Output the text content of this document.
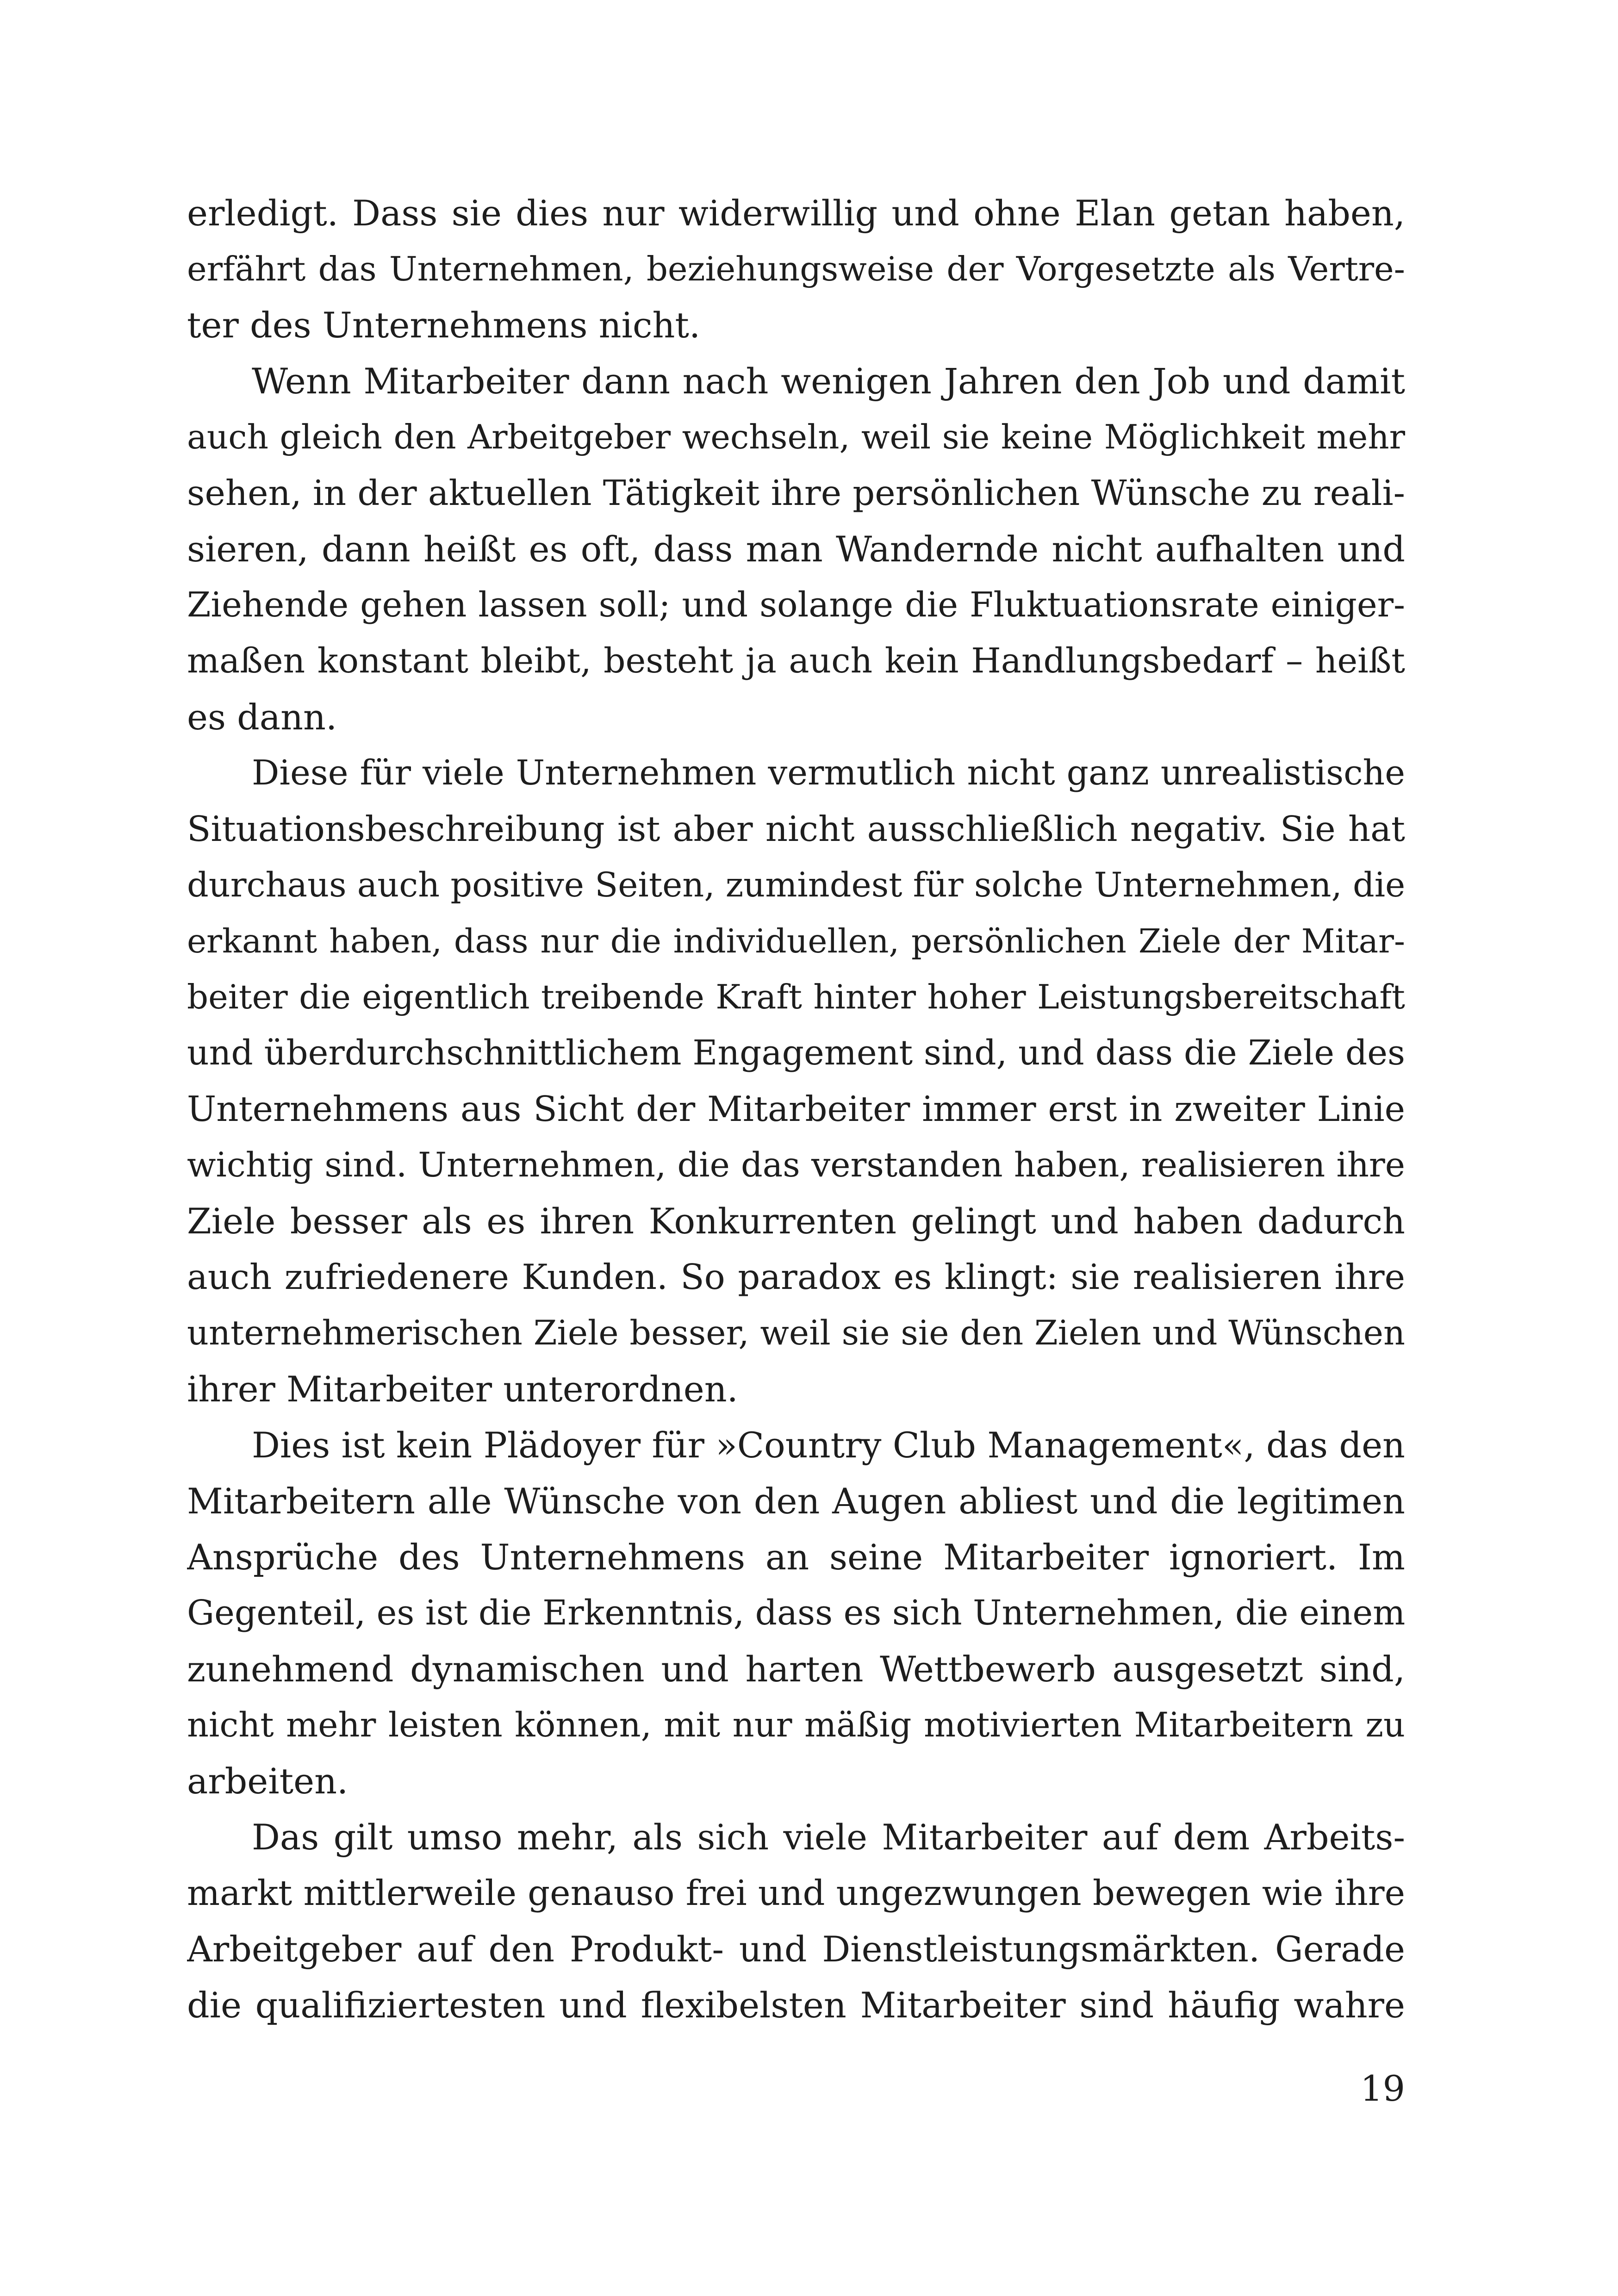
erledigt. Dass sie dies nur widerwillig und ohne Elan getan haben,
erfährt das Unternehmen, beziehungsweise der Vorgesetzte als Vertre-
ter des Unternehmens nicht.
Wenn Mitarbeiter dann nach wenigen Jahren den Job und damit
auch gleich den Arbeitgeber wechseln, weil sie keine Möglichkeit mehr
sehen, in der aktuellen Tätigkeit ihre persönlichen Wünsche zu reali-
sieren, dann heißt es oft, dass man Wandernde nicht aufhalten und
Ziehende gehen lassen soll; und solange die Fluktuationsrate einiger-
maßen konstant bleibt, besteht ja auch kein Handlungsbedarf – heißt
es dann.
Diese für viele Unternehmen vermutlich nicht ganz unrealistische
Situationsbeschreibung ist aber nicht ausschließlich negativ. Sie hat
durchaus auch positive Seiten, zumindest für solche Unternehmen, die
erkannt haben, dass nur die individuellen, persönlichen Ziele der Mitar-
beiter die eigentlich treibende Kraft hinter hoher Leistungsbereitschaft
und überdurchschnittlichem Engagement sind, und dass die Ziele des
Unternehmens aus Sicht der Mitarbeiter immer erst in zweiter Linie
wichtig sind. Unternehmen, die das verstanden haben, realisieren ihre
Ziele besser als es ihren Konkurrenten gelingt und haben dadurch
auch zufriedenere Kunden. So paradox es klingt: sie realisieren ihre
unternehmerischen Ziele besser, weil sie sie den Zielen und Wünschen
ihrer Mitarbeiter unterordnen.
Dies ist kein Plädoyer für »Country Club Management«, das den
Mitarbeitern alle Wünsche von den Augen abliest und die legitimen
Ansprüche des Unternehmens an seine Mitarbeiter ignoriert. Im
Gegenteil, es ist die Erkenntnis, dass es sich Unternehmen, die einem
zunehmend dynamischen und harten Wettbewerb ausgesetzt sind,
nicht mehr leisten können, mit nur mäßig motivierten Mitarbeitern zu
arbeiten.
Das gilt umso mehr, als sich viele Mitarbeiter auf dem Arbeits-
markt mittlerweile genauso frei und ungezwungen bewegen wie ihre
Arbeitgeber auf den Produkt- und Dienstleistungsmärkten. Gerade
die qualifiziertesten und flexibelsten Mitarbeiter sind häufig wahre
19
